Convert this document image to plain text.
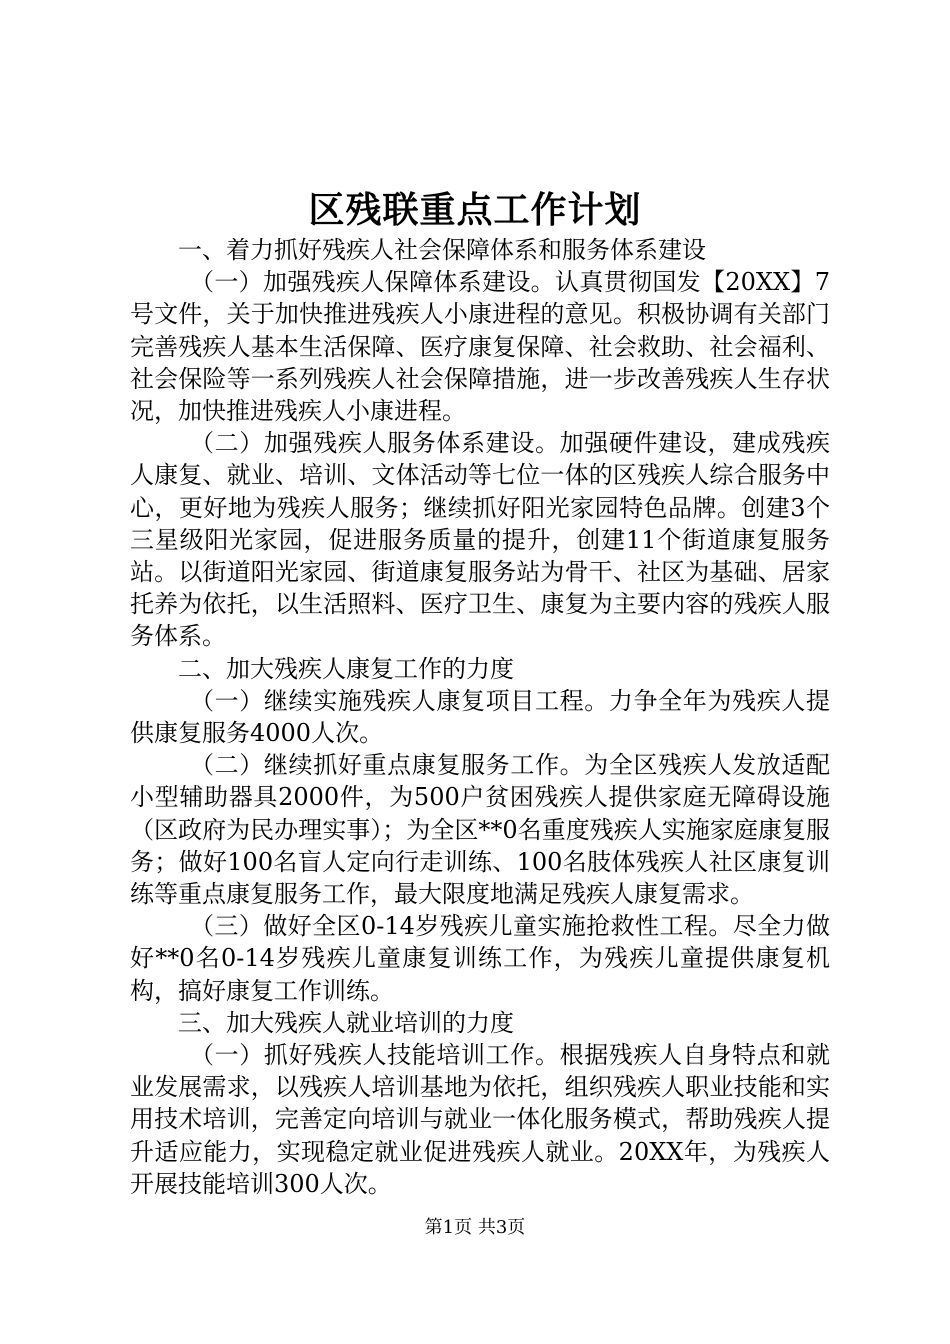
区残联重点工作计划

一、着力抓好残疾人社会保障体系和服务体系建设

（一）加强残疾人保障体系建设。认真贯彻国发【20XX】7号文件，关于加快推进残疾人小康进程的意见。积极协调有关部门完善残疾人基本生活保障、医疗康复保障、社会救助、社会福利、社会保险等一系列残疾人社会保障措施，进一步改善残疾人生存状况，加快推进残疾人小康进程。

（二）加强残疾人服务体系建设。加强硬件建设，建成残疾人康复、就业、培训、文体活动等七位一体的区残疾人综合服务中心，更好地为残疾人服务；继续抓好阳光家园特色品牌。创建3个三星级阳光家园，促进服务质量的提升，创建11个街道康复服务站。以街道阳光家园、街道康复服务站为骨干、社区为基础、居家托养为依托，以生活照料、医疗卫生、康复为主要内容的残疾人服务体系。

二、加大残疾人康复工作的力度

（一）继续实施残疾人康复项目工程。力争全年为残疾人提供康复服务4000人次。

（二）继续抓好重点康复服务工作。为全区残疾人发放适配小型辅助器具2000件，为500户贫困残疾人提供家庭无障碍设施（区政府为民办理实事）；为全区**0名重度残疾人实施家庭康复服务；做好100名盲人定向行走训练、100名肢体残疾人社区康复训练等重点康复服务工作，最大限度地满足残疾人康复需求。

（三）做好全区0-14岁残疾儿童实施抢救性工程。尽全力做好**0名0-14岁残疾儿童康复训练工作，为残疾儿童提供康复机构，搞好康复工作训练。

三、加大残疾人就业培训的力度

（一）抓好残疾人技能培训工作。根据残疾人自身特点和就业发展需求，以残疾人培训基地为依托，组织残疾人职业技能和实用技术培训，完善定向培训与就业一体化服务模式，帮助残疾人提升适应能力，实现稳定就业促进残疾人就业。20XX年，为残疾人开展技能培训300人次。

第1页 共3页
